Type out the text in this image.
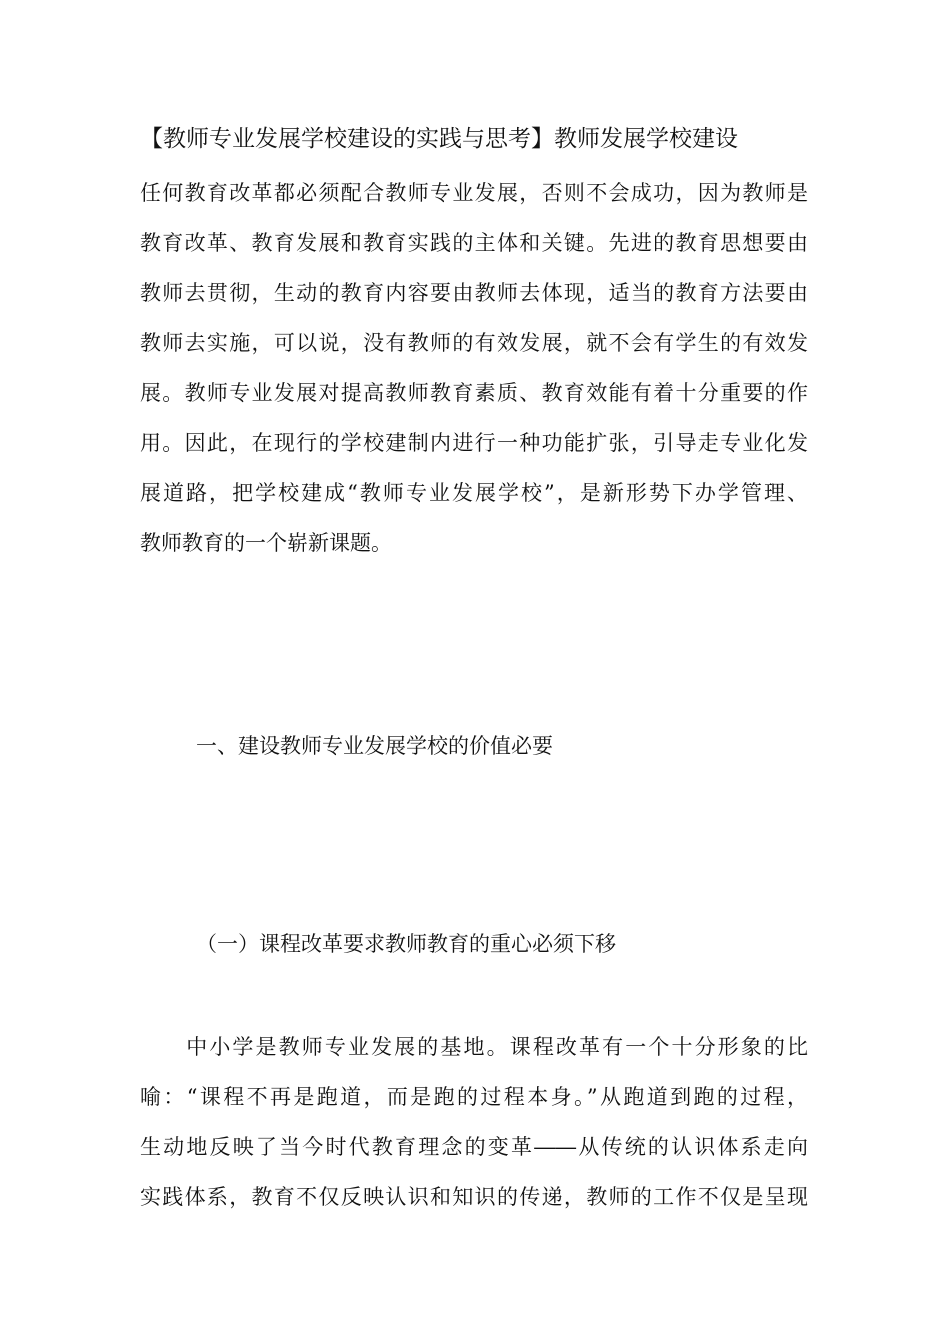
【教师专业发展学校建设的实践与思考】教师发展学校建设
任何教育改革都必须配合教师专业发展，否则不会成功，因为教师是
教育改革、教育发展和教育实践的主体和关键。先进的教育思想要由
教师去贯彻，生动的教育内容要由教师去体现，适当的教育方法要由
教师去实施，可以说，没有教师的有效发展，就不会有学生的有效发
展。教师专业发展对提高教师教育素质、教育效能有着十分重要的作
用。因此，在现行的学校建制内进行一种功能扩张，引导走专业化发
展道路，把学校建成“教师专业发展学校”，是新形势下办学管理、
教师教育的一个崭新课题。
一、建设教师专业发展学校的价值必要
（一）课程改革要求教师教育的重心必须下移
　　中小学是教师专业发展的基地。课程改革有一个十分形象的比
喻：“课程不再是跑道，而是跑的过程本身。”从跑道到跑的过程，
生动地反映了当今时代教育理念的变革――从传统的认识体系走向
实践体系，教育不仅反映认识和知识的传递，教师的工作不仅是呈现
